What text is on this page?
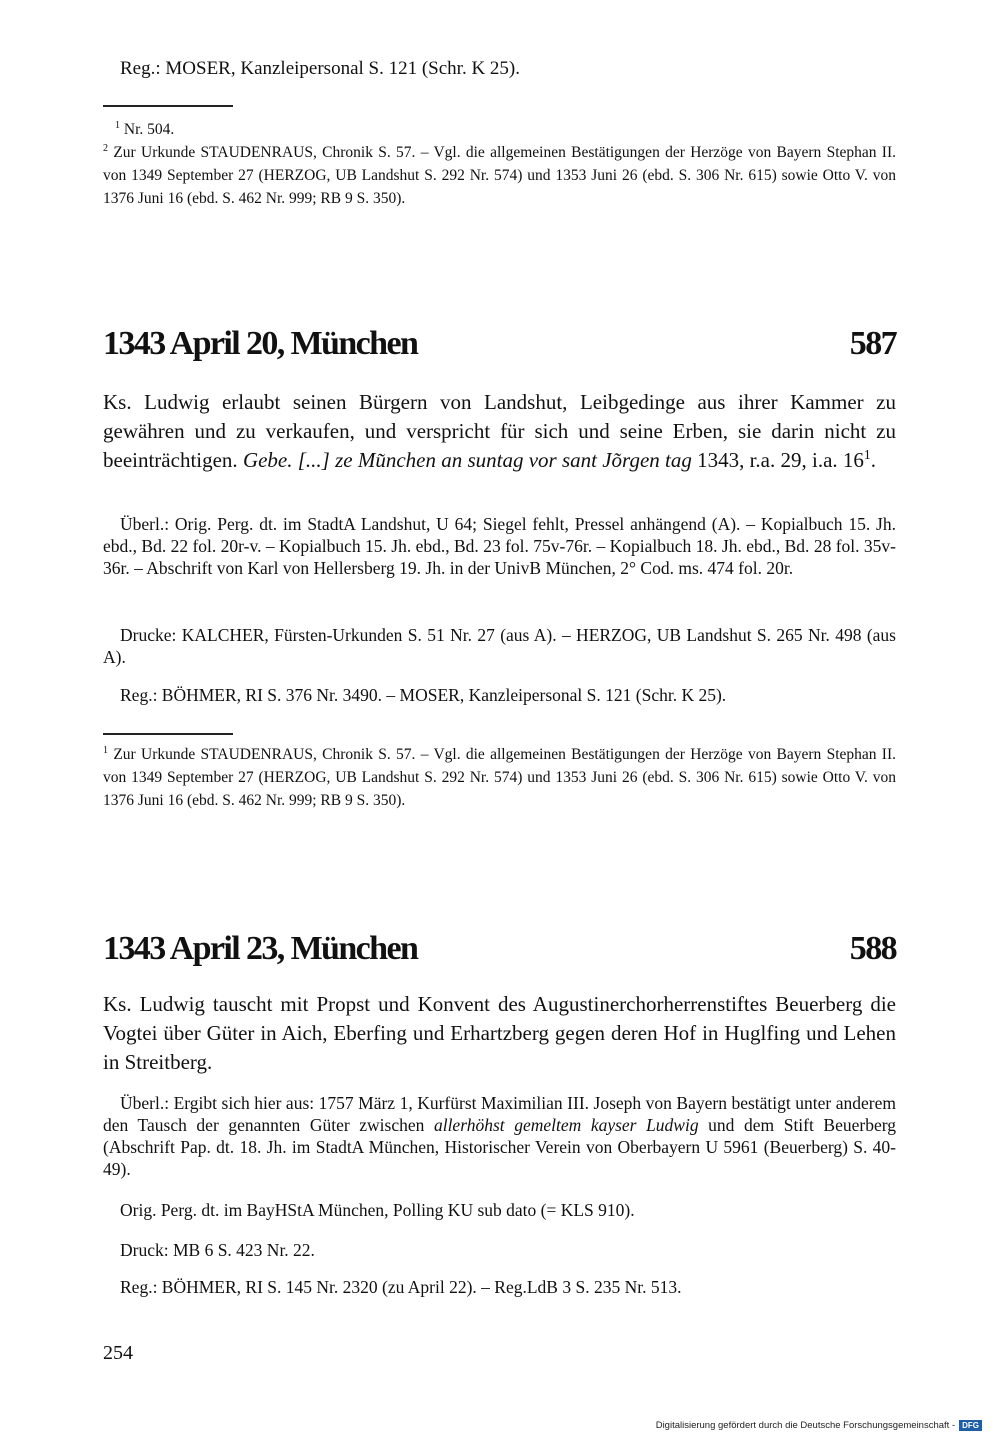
Reg.: MOSER, Kanzleipersonal S. 121 (Schr. K 25).

$^1$ Nr. 504.

$^2$ Zur Urkunde STAUDENRAUS, Chronik S. 57. – Vgl. die allgemeinen Bestätigungen der Herzöge von Bayern Stephan II. von 1349 September 27 (HERZOG, UB Landshut S. 292 Nr. 574) und 1353 Juni 26 (ebd. S. 306 Nr. 615) sowie Otto V. von 1376 Juni 16 (ebd. S. 462 Nr. 999; RB 9 S. 350).

1343 April 20, München	587

Ks. Ludwig erlaubt seinen Bürgern von Landshut, Leibgedinge aus ihrer Kammer zu gewähren und zu verkaufen, und verspricht für sich und seine Erben, sie darin nicht zu beeinträchtigen. Gebe. [...] ze Mu͂nchen an suntag vor sant Jo͂rgen tag 1343, r.a. 29, i.a. $16^1$.

Überl.: Orig. Perg. dt. im StadtA Landshut, U 64; Siegel fehlt, Pressel anhängend (A). – Kopialbuch 15. Jh. ebd., Bd. 22 fol. 20r-v. – Kopialbuch 15. Jh. ebd., Bd. 23 fol. 75v-76r. – Kopialbuch 18. Jh. ebd., Bd. 28 fol. 35v-36r. – Abschrift von Karl von Hellersberg 19. Jh. in der UnivB München, 2° Cod. ms. 474 fol. 20r.

Drucke: KALCHER, Fürsten-Urkunden S. 51 Nr. 27 (aus A). – HERZOG, UB Landshut S. 265 Nr. 498 (aus A).

Reg.: BÖHMER, RI S. 376 Nr. 3490. – MOSER, Kanzleipersonal S. 121 (Schr. K 25).

$^1$ Zur Urkunde STAUDENRAUS, Chronik S. 57. – Vgl. die allgemeinen Bestätigungen der Herzöge von Bayern Stephan II. von 1349 September 27 (HERZOG, UB Landshut S. 292 Nr. 574) und 1353 Juni 26 (ebd. S. 306 Nr. 615) sowie Otto V. von 1376 Juni 16 (ebd. S. 462 Nr. 999; RB 9 S. 350).

1343 April 23, München	588

Ks. Ludwig tauscht mit Propst und Konvent des Augustinerchorherrenstiftes Beuerberg die Vogtei über Güter in Aich, Eberfing und Erhartzberg gegen deren Hof in Huglfing und Lehen in Streitberg.

Überl.: Ergibt sich hier aus: 1757 März 1, Kurfürst Maximilian III. Joseph von Bayern bestätigt unter anderem den Tausch der genannten Güter zwischen allerhöhst gemeltem kayser Ludwig und dem Stift Beuerberg (Abschrift Pap. dt. 18. Jh. im StadtA München, Historischer Verein von Oberbayern U 5961 (Beuerberg) S. 40-49).

Orig. Perg. dt. im BayHStA München, Polling KU sub dato (= KLS 910).

Druck: MB 6 S. 423 Nr. 22.

Reg.: BÖHMER, RI S. 145 Nr. 2320 (zu April 22). – Reg.LdB 3 S. 235 Nr. 513.

254

Digitalisierung gefördert durch die Deutsche Forschungsgemeinschaft - DFG
